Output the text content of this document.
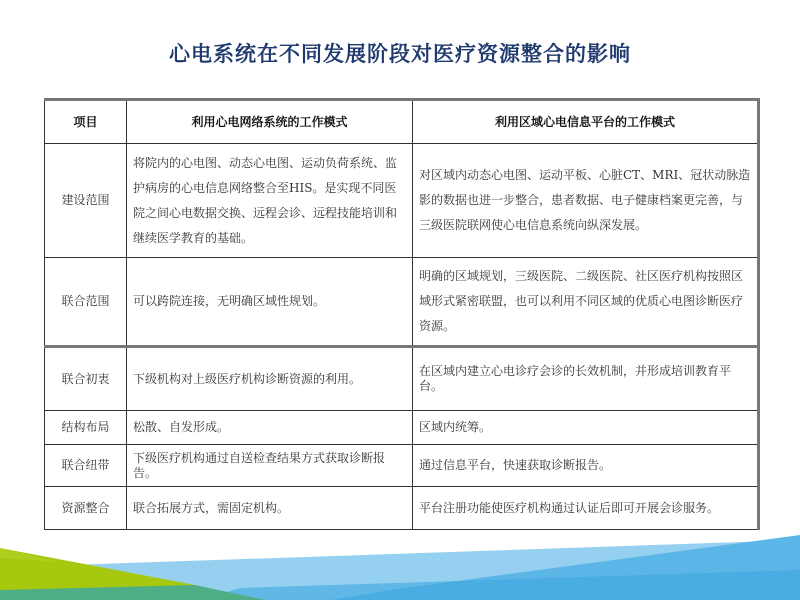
心电系统在不同发展阶段对医疗资源整合的影响
项目	利用心电网络系统的工作模式	利用区域心电信息平台的工作模式
建设范围	将院内的心电图、动态心电图、运动负荷系统、监护病房的心电信息网络整合至HIS。是实现不同医院之间心电数据交换、远程会诊、远程技能培训和继续医学教育的基础。	对区域内动态心电图、运动平板、心脏CT、MRI、冠状动脉造影的数据也进一步整合，患者数据、电子健康档案更完善，与三级医院联网使心电信息系统向纵深发展。
联合范围	可以跨院连接，无明确区域性规划。	明确的区域规划，三级医院、二级医院、社区医疗机构按照区域形式紧密联盟，也可以利用不同区域的优质心电图诊断医疗资源。
联合初衷	下级机构对上级医疗机构诊断资源的利用。	在区域内建立心电诊疗会诊的长效机制，并形成培训教育平台。
结构布局	松散、自发形成。	区域内统筹。
联合纽带	下级医疗机构通过自送检查结果方式获取诊断报告。	通过信息平台，快速获取诊断报告。
资源整合	联合拓展方式，需固定机构。	平台注册功能使医疗机构通过认证后即可开展会诊服务。
